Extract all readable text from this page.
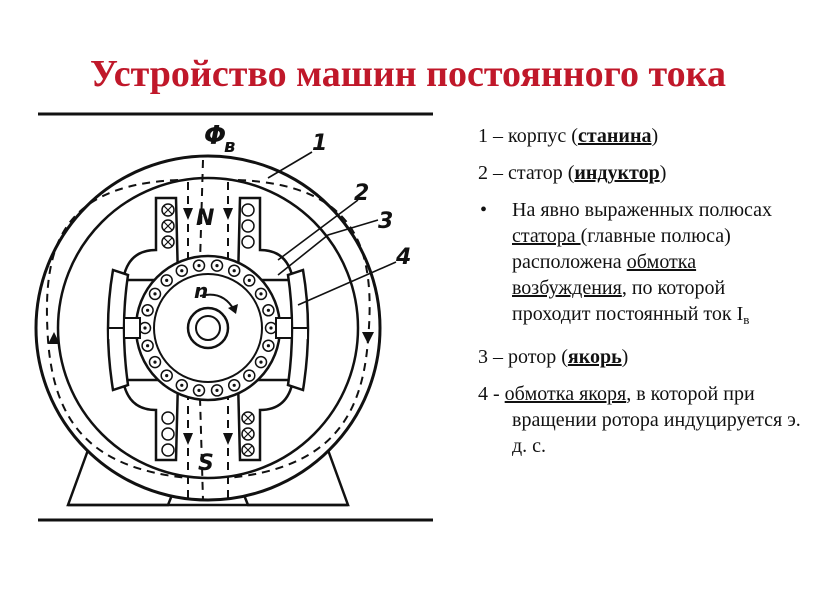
Устройство машин постоянного тока
Φ
в
N
S
n
1
2
3
4
1 – корпус (станина)
2 – статор (индуктор)
• На явно выраженных полюсах статора (главные полюса) расположена обмотка возбуждения, по которой проходит постоянный ток $I_в$
3 – ротор (якорь)
4 - обмотка якоря, в которой при вращении ротора индуцируется э. д. с.
